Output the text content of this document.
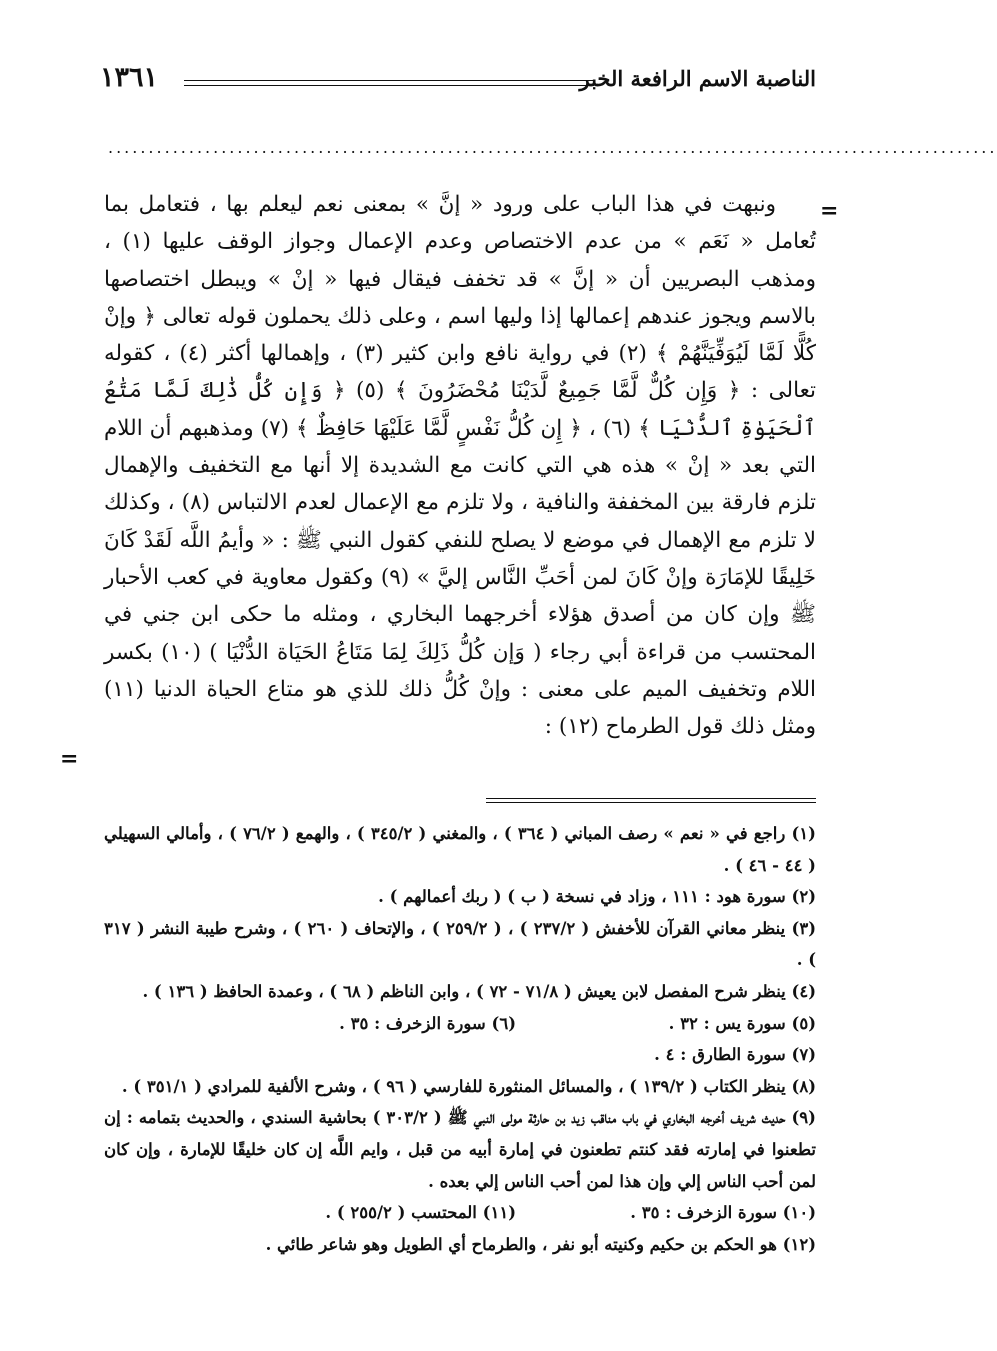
الناصبة الاسم الرافعة الخبر
١٣٦١
..............................................................................................................
=

ونبهت في هذا الباب على ورود « إنَّ » بمعنى نعم ليعلم بها ، فتعامل بما تُعامل « نَعَم » من عدم الاختصاص وعدم الإعمال وجواز الوقف عليها (١) ، ومذهب البصريين أن « إنَّ » قد تخفف فيقال فيها « إنْ » ويبطل اختصاصها بالاسم ويجوز عندهم إعمالها إذا وليها اسم ، وعلى ذلك يحملون قوله تعالى ﴿ وإنْ كُلًّا لَمَّا لَيُوَفِّيَنَّهُمْ ﴾ (٢) في رواية نافع وابن كثير (٣) ، وإهمالها أكثر (٤) ، كقوله تعالى : ﴿ وَإِن كُلٌّ لَّمَّا جَمِيعٌ لَّدَيْنَا مُحْضَرُونَ ﴾ (٥) ﴿ وَإِن كُلُّ ذَٰلِكَ لَمَّا مَتَٰعُ ٱلْحَيَوٰةِ ٱلدُّنْيَا ﴾ (٦) ، ﴿ إِن كُلُّ نَفْسٍ لَّمَّا عَلَيْهَا حَافِظٌ ﴾ (٧) ومذهبهم أن اللام التي بعد « إنْ » هذه هي التي كانت مع الشديدة إلا أنها مع التخفيف والإهمال تلزم فارقة بين المخففة والنافية ، ولا تلزم مع الإعمال لعدم الالتباس (٨) ، وكذلك لا تلزم مع الإهمال في موضع لا يصلح للنفي كقول النبي ﷺ : « وأيمُ اللَّه لَقَدْ كَانَ خَلِيقًا للإمَارَة وإنْ كَانَ لمن أحَبِّ النَّاس إليَّ » (٩) وكقول معاوية في كعب الأحبار ﷺ وإن كان من أصدق هؤلاء أخرجهما البخاري ، ومثله ما حكى ابن جني في المحتسب من قراءة أبي رجاء ( وَإن كُلُّ ذَلِكَ لِمَا مَتَاعُ الحَيَاة الدُّنْيَا ) (١٠) بكسر اللام وتخفيف الميم على معنى : وإنْ كُلُّ ذلك للذي هو متاع الحياة الدنيا (١١) ومثل ذلك قول الطرماح (١٢) :

=
(١) راجع في « نعم » رصف المباني ( ٣٦٤ ) ، والمغني ( ٣٤٥/٢ ) ، والهمع ( ٧٦/٢ ) ، وأمالي السهيلي ( ٤٤ - ٤٦ ) .
(٢) سورة هود : ١١١ ، وزاد في نسخة ( ب ) ( ربك أعمالهم ) .
(٣) ينظر معاني القرآن للأخفش ( ٢٣٧/٢ ) ، ( ٢٥٩/٢ ) ، والإتحاف ( ٢٦٠ ) ، وشرح طيبة النشر ( ٣١٧ ) .
(٤) ينظر شرح المفصل لابن يعيش ( ٧١/٨ - ٧٢ ) ، وابن الناظم ( ٦٨ ) ، وعمدة الحافظ ( ١٣٦ ) .
(٥) سورة يس : ٣٢ .
(٦) سورة الزخرف : ٣٥ .
(٧) سورة الطارق : ٤ .
(٨) ينظر الكتاب ( ١٣٩/٢ ) ، والمسائل المنثورة للفارسي ( ٩٦ ) ، وشرح الألفية للمرادي ( ٣٥١/١ ) .
(٩) حديث شريف أخرجه البخاري في باب مناقب زيد بن حارثة مولى النبي ﷺ ( ٣٠٣/٢ ) بحاشية السندي ، والحديث بتمامه : إن تطعنوا في إمارته فقد كنتم تطعنون في إمارة أبيه من قبل ، وايم اللَّه إن كان خليقًا للإمارة ، وإن كان لمن أحب الناس إلي وإن هذا لمن أحب الناس إلي بعده .
(١٠) سورة الزخرف : ٣٥ .
(١١) المحتسب ( ٢٥٥/٢ ) .
(١٢) هو الحكم بن حكيم وكنيته أبو نفر ، والطرماح أي الطويل وهو شاعر طائي .
